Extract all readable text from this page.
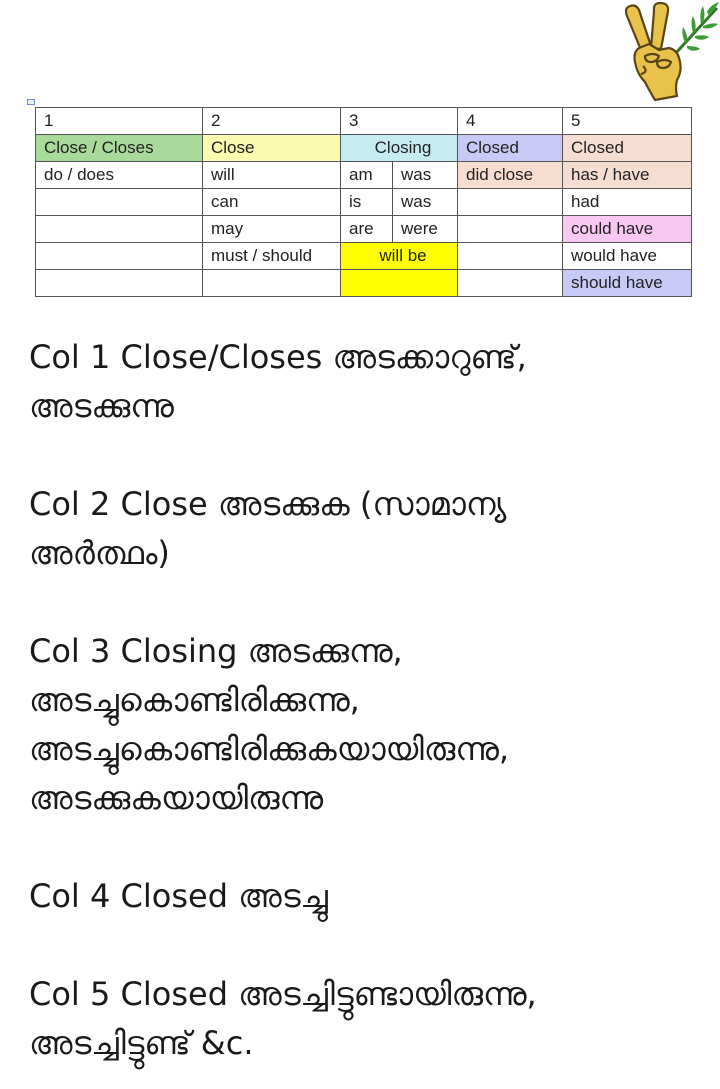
1	2	3		4	5
Close / Closes	Close	Closing		Closed	Closed
do / does	will	am	was	did close	has / have
	can	is	was		had
	may	are	were		could have
	must / should	will be			would have
					should have

Col 1 Close/Closes അടക്കാറുണ്ട്,
അടക്കുന്നു

Col 2 Close അടക്കുക (സാമാന്യ
അർത്ഥം)

Col 3 Closing അടക്കുന്നു,
അടച്ചുകൊണ്ടിരിക്കുന്നു,
അടച്ചുകൊണ്ടിരിക്കുകയായിരുന്നു,
അടക്കുകയായിരുന്നു

Col 4 Closed അടച്ചു

Col 5 Closed അടച്ചിട്ടുണ്ടായിരുന്നു,
അടച്ചിട്ടുണ്ട് &c.
